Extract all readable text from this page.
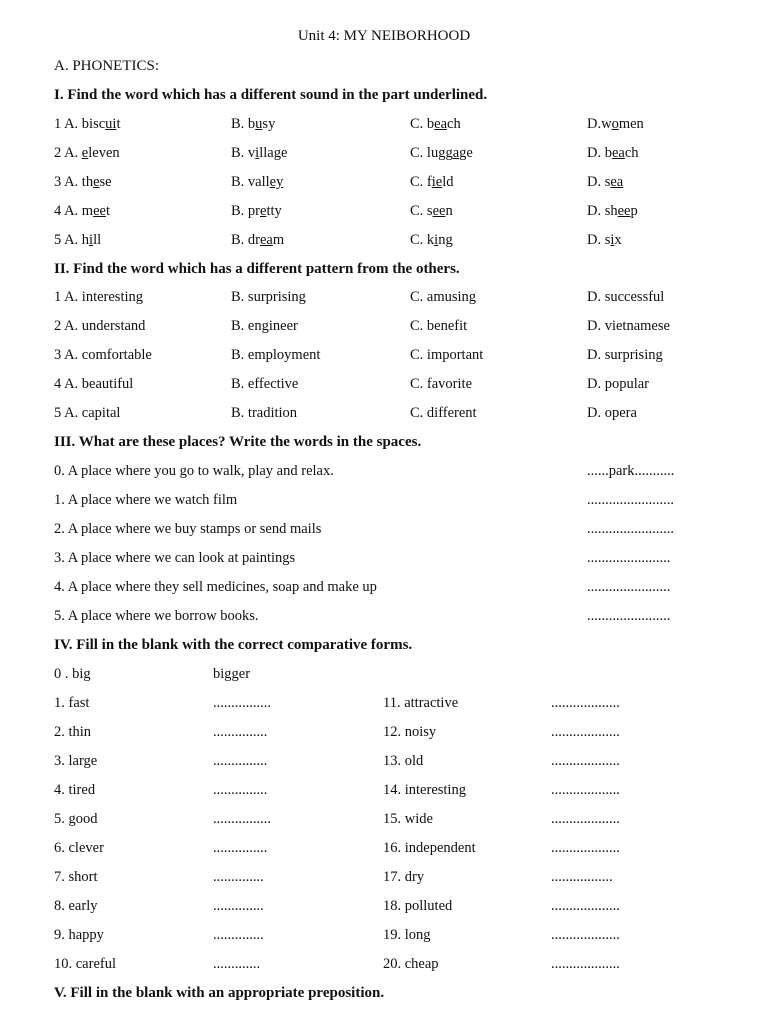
Unit 4: MY NEIBORHOOD
A. PHONETICS:
I. Find the word which has a different sound in the part underlined.
1 A. biscuit	B. busy	C. beach	D.women
2 A. eleven	B. village	C. luggage	D. beach
3 A. these	B. valley	C. field	D. sea
4 A. meet	B. pretty	C. seen	D. sheep
5 A. hill	B. dream	C. king	D. six
II. Find the word which has a different pattern from the others.
1 A. interesting	B. surprising	C. amusing	D. successful
2 A. understand	B. engineer	C. benefit	D. vietnamese
3 A. comfortable	B. employment	C. important	D. surprising
4 A. beautiful	B. effective	C. favorite	D. popular
5 A. capital	B. tradition	C. different	D. opera
III. What are these places? Write the words in the spaces.
0. A place where you go to walk, play and relax.	......park...........
1. A place where we watch film	........................
2. A place where we buy stamps or send mails	........................
3. A place where we can look at paintings	.......................
4. A place where they sell medicines, soap and make up	.......................
5. A place where we borrow books.	.......................
IV. Fill in the blank with the correct comparative forms.
0 . big	bigger
1. fast	................	11. attractive	...................
2. thin	...............	12. noisy	...................
3. large	...............	13. old	...................
4. tired	...............	14. interesting	...................
5. good	................	15. wide	...................
6. clever	...............	16. independent	...................
7. short	..............	17. dry	.................
8. early	..............	18. polluted	...................
9. happy	..............	19. long	...................
10. careful	.............	20. cheap	...................
V. Fill in the blank with an appropriate preposition.
